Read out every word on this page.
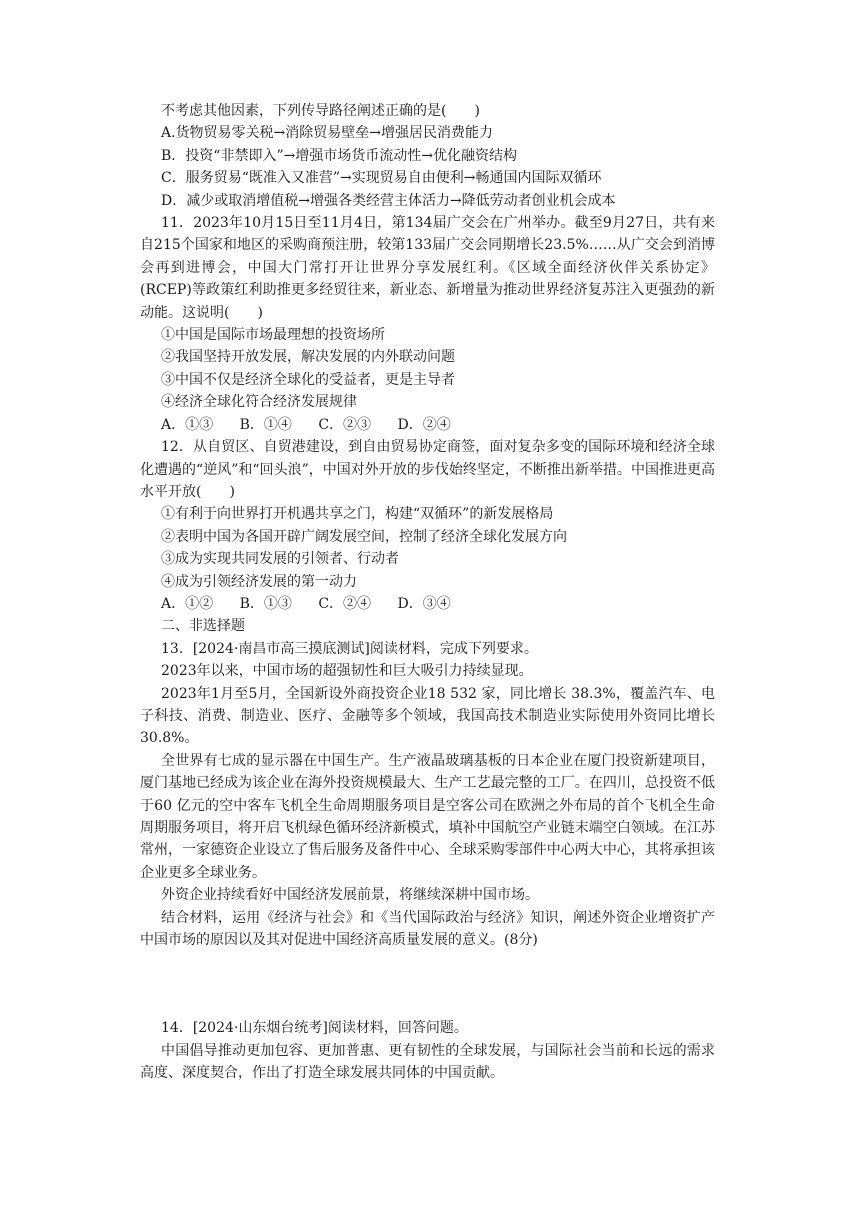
不考虑其他因素，下列传导路径阐述正确的是(　　)
A.货物贸易零关税→消除贸易壁垒→增强居民消费能力
B．投资“非禁即入”→增强市场货币流动性→优化融资结构
C．服务贸易“既准入又准营”→实现贸易自由便利→畅通国内国际双循环
D．减少或取消增值税→增强各类经营主体活力→降低劳动者创业机会成本

11．2023年10月15日至11月4日，第134届广交会在广州举办。截至9月27日，共有来自215个国家和地区的采购商预注册，较第133届广交会同期增长23.5%……从广交会到消博会再到进博会，中国大门常打开让世界分享发展红利。《区域全面经济伙伴关系协定》(RCEP)等政策红利助推更多经贸往来，新业态、新增量为推动世界经济复苏注入更强劲的新动能。这说明(　　)

①中国是国际市场最理想的投资场所
②我国坚持开放发展，解决发展的内外联动问题
③中国不仅是经济全球化的受益者，更是主导者
④经济全球化符合经济发展规律
A．①③ B．①④ C．②③ D．②④

12．从自贸区、自贸港建设，到自由贸易协定商签，面对复杂多变的国际环境和经济全球化遭遇的“逆风”和“回头浪”，中国对外开放的步伐始终坚定，不断推出新举措。中国推进更高水平开放(　　)

①有利于向世界打开机遇共享之门，构建“双循环”的新发展格局
②表明中国为各国开辟广阔发展空间，控制了经济全球化发展方向
③成为实现共同发展的引领者、行动者
④成为引领经济发展的第一动力
A．①② B．①③ C．②④ D．③④
二、非选择题
13．[2024·南昌市高三摸底测试]阅读材料，完成下列要求。

2023年以来，中国市场的超强韧性和巨大吸引力持续显现。

2023年1月至5月，全国新设外商投资企业18 532 家，同比增长 38.3%，覆盖汽车、电子科技、消费、制造业、医疗、金融等多个领域，我国高技术制造业实际使用外资同比增长 30.8%。

全世界有七成的显示器在中国生产。生产液晶玻璃基板的日本企业在厦门投资新建项目，厦门基地已经成为该企业在海外投资规模最大、生产工艺最完整的工厂。在四川，总投资不低于60 亿元的空中客车飞机全生命周期服务项目是空客公司在欧洲之外布局的首个飞机全生命周期服务项目，将开启飞机绿色循环经济新模式，填补中国航空产业链末端空白领域。在江苏常州，一家德资企业设立了售后服务及备件中心、全球采购零部件中心两大中心，其将承担该企业更多全球业务。

外资企业持续看好中国经济发展前景，将继续深耕中国市场。

结合材料，运用《经济与社会》和《当代国际政治与经济》知识，阐述外资企业增资扩产中国市场的原因以及其对促进中国经济高质量发展的意义。(8分)

14．[2024·山东烟台统考]阅读材料，回答问题。

中国倡导推动更加包容、更加普惠、更有韧性的全球发展，与国际社会当前和长远的需求高度、深度契合，作出了打造全球发展共同体的中国贡献。
